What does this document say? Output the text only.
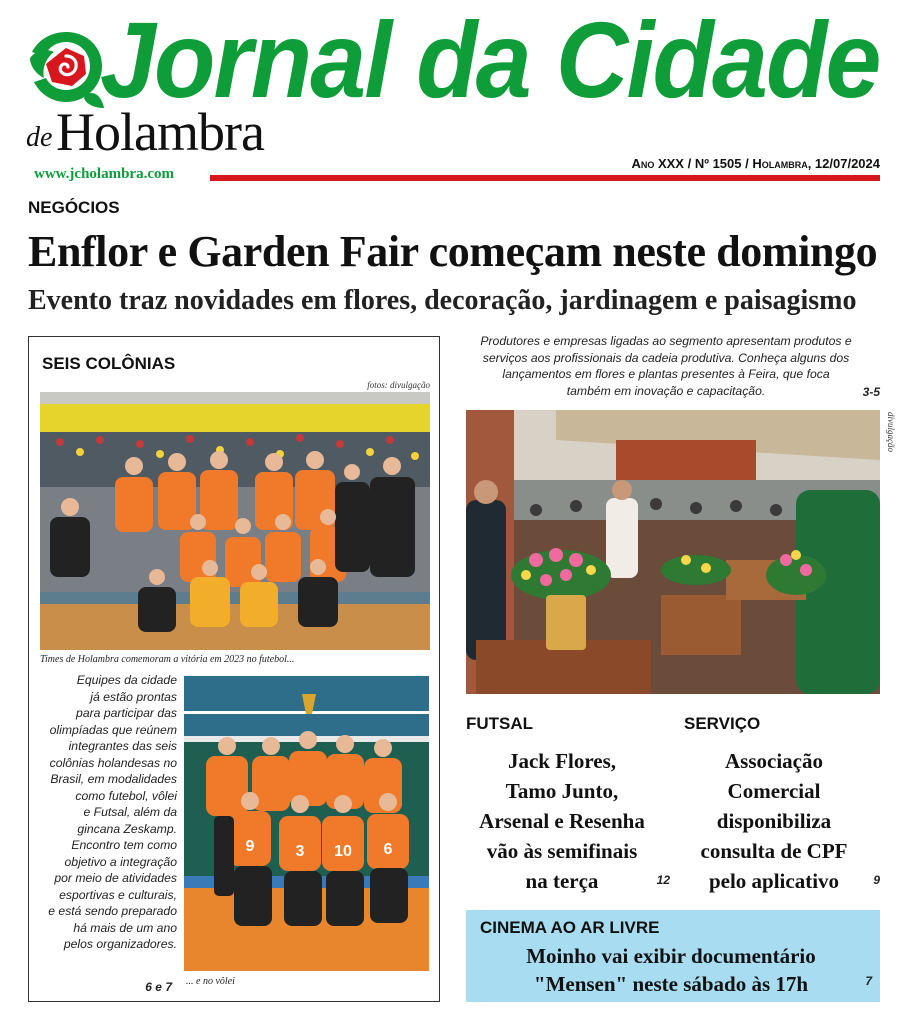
Jornal da Cidade
Holambra
de
www.jcholambra.com
Ano XXX / Nº 1505 / Holambra, 12/07/2024
NEGÓCIOS
Enflor e Garden Fair começam neste domingo
Evento traz novidades em flores, decoração, jardinagem e paisagismo
SEIS COLÔNIAS
fotos: divulgação
Times de Holambra comemoram a vitória em 2023 no futebol...
Equipes da cidade
já estão prontas
para participar das
olimpíadas que reúnem
integrantes das seis
colônias holandesas no
Brasil, em modalidades
como futebol, vôlei
e Futsal, além da
gincana Zeskamp.
Encontro tem como
objetivo a integração
por meio de atividades
esportivas e culturais,
e está sendo preparado
há mais de um ano
pelos organizadores.
6 e 7
9	3 10 6
... e no vôlei
Produtores e empresas ligadas ao segmento apresentam produtos e
serviços aos profissionais da cadeia produtiva. Conheça alguns dos
lançamentos em flores e plantas presentes à Feira, que foca
também em inovação e capacitação.	3-5
divulgação
FUTSAL
Jack Flores,
Tamo Junto,
Arsenal e Resenha
vão às semifinais
na terça	12
SERVIÇO
Associação
Comercial
disponibiliza
consulta de CPF
pelo aplicativo	9
CINEMA AO AR LIVRE
Moinho vai exibir documentário
"Mensen" neste sábado às 17h	7
